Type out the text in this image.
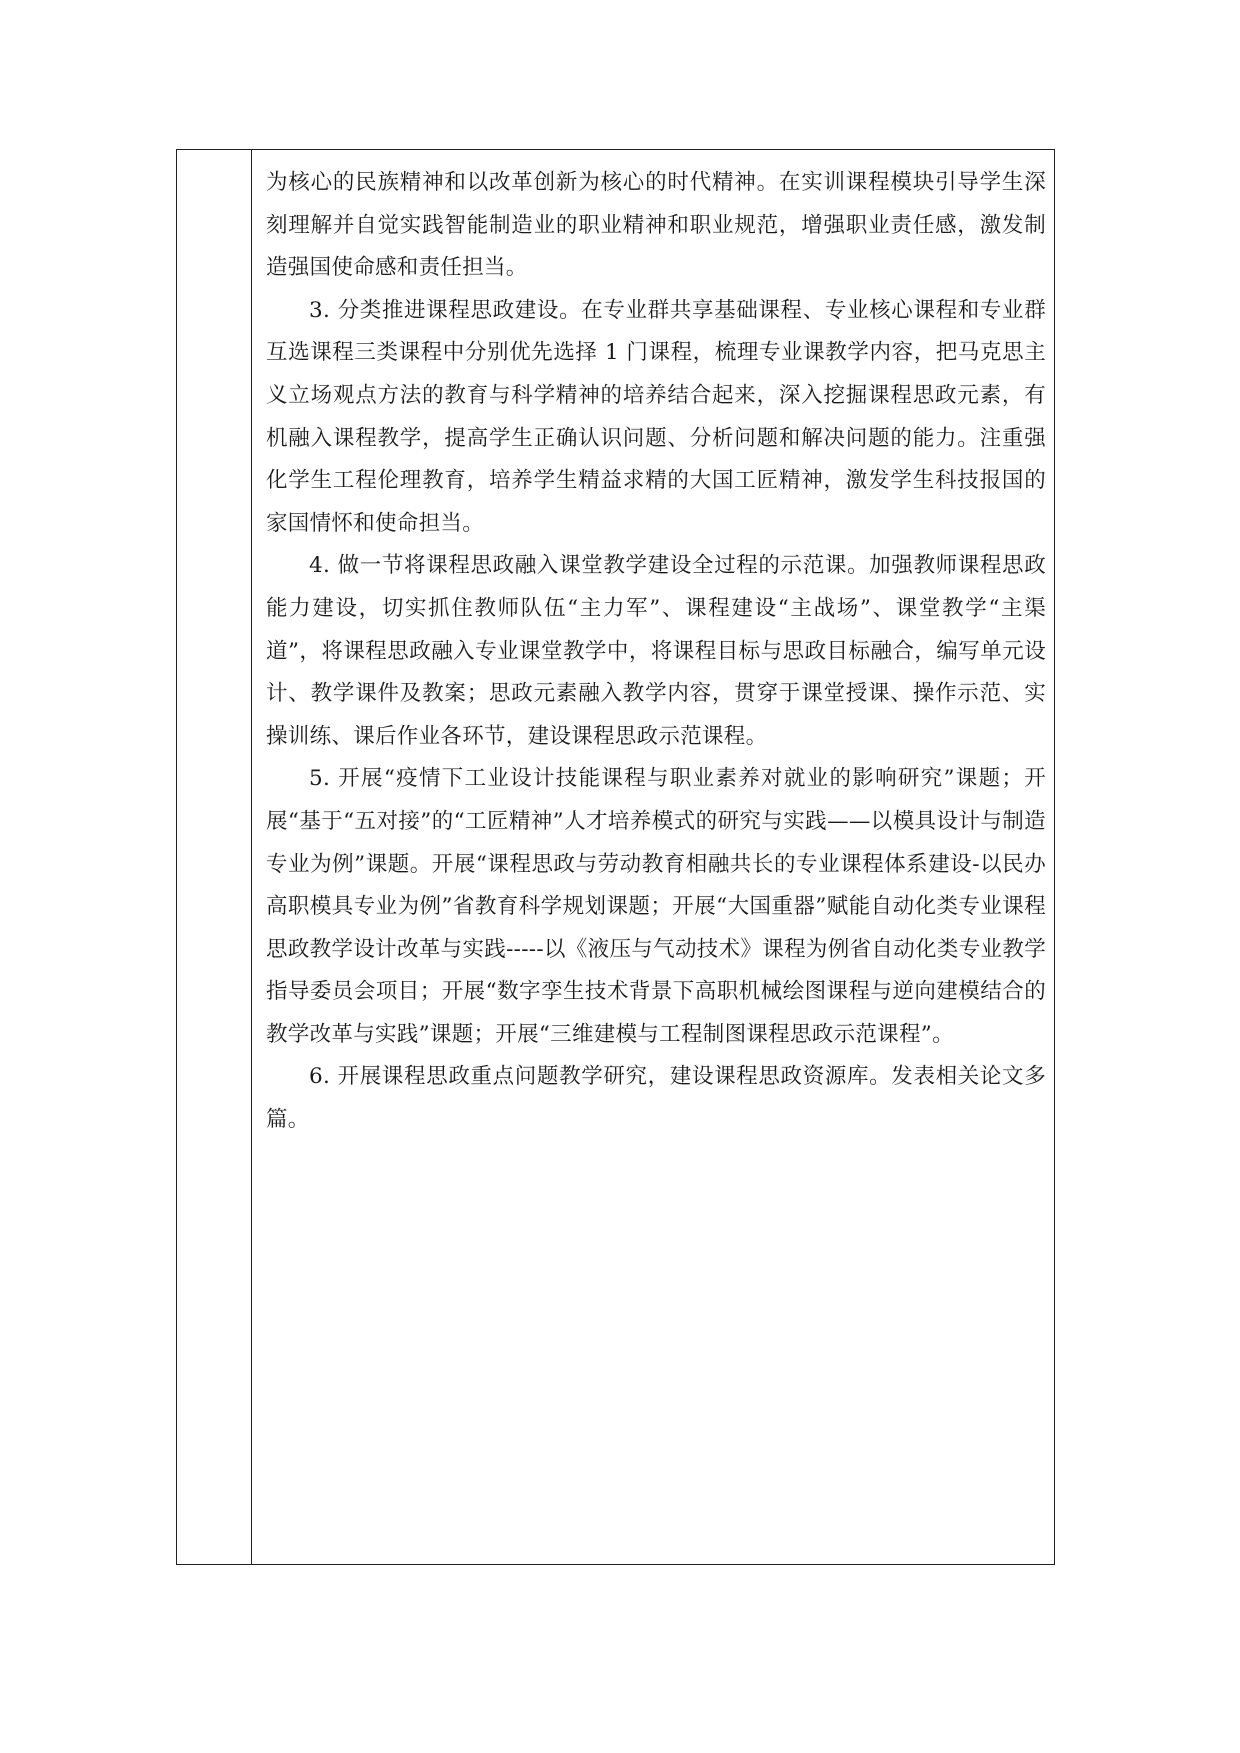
为核心的民族精神和以改革创新为核心的时代精神。在实训课程模块引导学生深刻理解并自觉实践智能制造业的职业精神和职业规范，增强职业责任感，激发制造强国使命感和责任担当。

3. 分类推进课程思政建设。在专业群共享基础课程、专业核心课程和专业群互选课程三类课程中分别优先选择 1 门课程，梳理专业课教学内容，把马克思主义立场观点方法的教育与科学精神的培养结合起来，深入挖掘课程思政元素，有机融入课程教学，提高学生正确认识问题、分析问题和解决问题的能力。注重强化学生工程伦理教育，培养学生精益求精的大国工匠精神，激发学生科技报国的家国情怀和使命担当。

4. 做一节将课程思政融入课堂教学建设全过程的示范课。加强教师课程思政能力建设，切实抓住教师队伍“主力军”、课程建设“主战场”、课堂教学“主渠道”，将课程思政融入专业课堂教学中，将课程目标与思政目标融合，编写单元设计、教学课件及教案；思政元素融入教学内容，贯穿于课堂授课、操作示范、实操训练、课后作业各环节，建设课程思政示范课程。

5. 开展“疫情下工业设计技能课程与职业素养对就业的影响研究”课题；开展“基于“五对接”的“工匠精神”人才培养模式的研究与实践——以模具设计与制造专业为例”课题。开展“课程思政与劳动教育相融共长的专业课程体系建设-以民办高职模具专业为例”省教育科学规划课题；开展“大国重器”赋能自动化类专业课程思政教学设计改革与实践-----以《液压与气动技术》课程为例省自动化类专业教学指导委员会项目；开展“数字孪生技术背景下高职机械绘图课程与逆向建模结合的教学改革与实践”课题；开展“三维建模与工程制图课程思政示范课程”。

6. 开展课程思政重点问题教学研究，建设课程思政资源库。发表相关论文多篇。
